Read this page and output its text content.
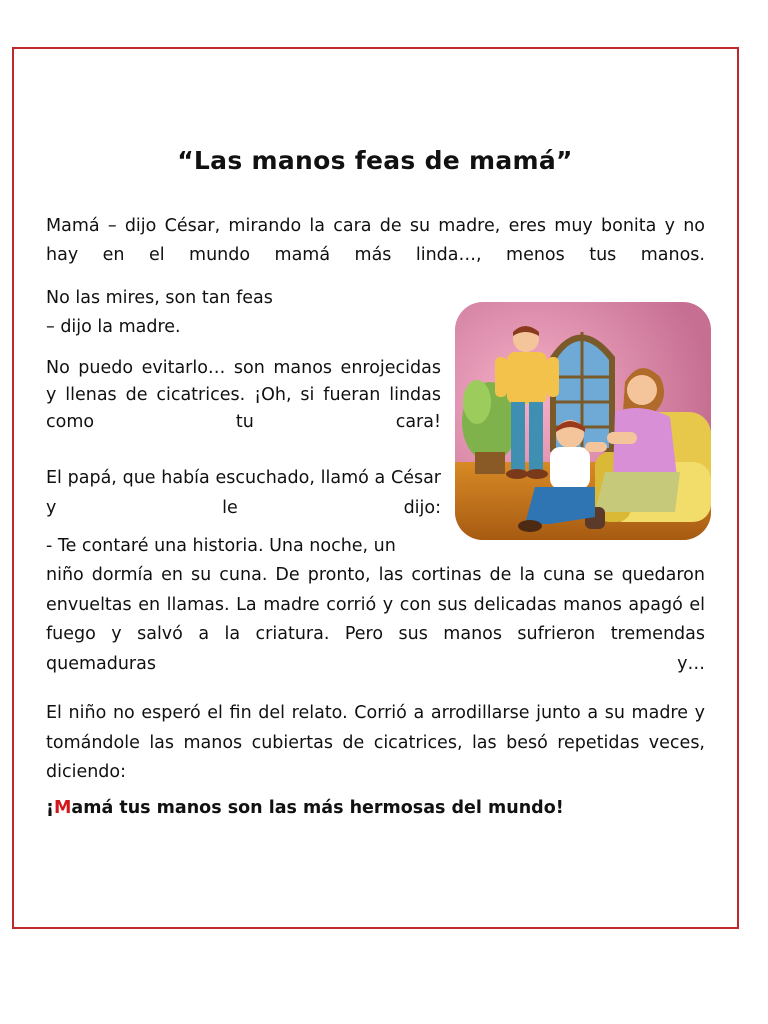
“Las manos feas de mamá”
Mamá – dijo César, mirando la cara de su madre, eres muy bonita y no hay en el mundo mamá más linda…, menos tus manos.
No las mires, son tan feas
– dijo la madre.
No puedo evitarlo… son manos enrojecidas y llenas de cicatrices. ¡Oh, si fueran lindas como tu cara!
El papá, que había escuchado, llamó a César y le dijo:
- Te contaré una historia. Una noche, un
niño dormía en su cuna. De pronto, las cortinas de la cuna se quedaron envueltas en llamas. La madre corrió y con sus delicadas manos apagó el fuego y salvó a la criatura. Pero sus manos sufrieron tremendas quemaduras y…
El niño no esperó el fin del relato. Corrió a arrodillarse junto a su madre y tomándole las manos cubiertas de cicatrices, las besó repetidas veces, diciendo:
¡Mamá tus manos son las más hermosas del mundo!
